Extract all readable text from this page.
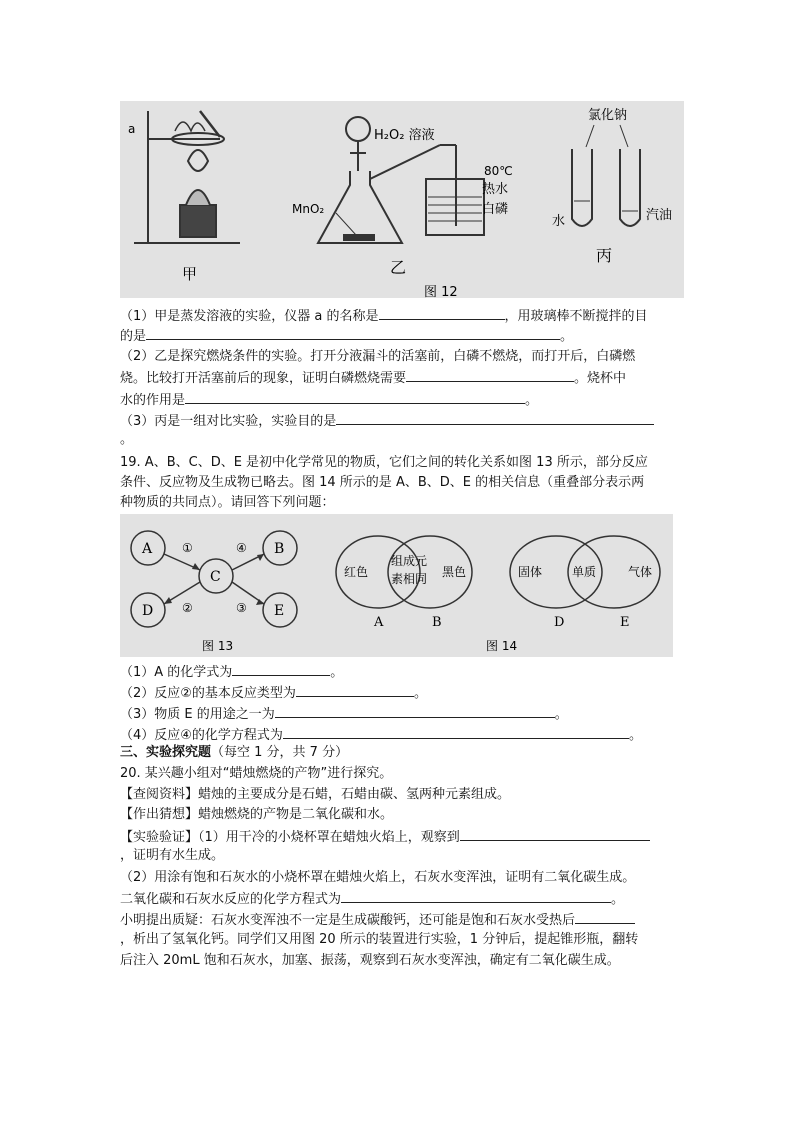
a
甲
H₂O₂ 溶液
MnO₂
80℃
热水
白磷
乙
图 12
氯化钠
水	汽油
丙
（1）甲是蒸发溶液的实验，仪器 a 的名称是	，用玻璃棒不断搅拌的目
的是	。
（2）乙是探究燃烧条件的实验。打开分液漏斗的活塞前，白磷不燃烧，而打开后，白磷燃
烧。比较打开活塞前后的现象，证明白磷燃烧需要	。烧杯中
水的作用是	。
（3）丙是一组对比实验，实验目的是
。
19. A、B、C、D、E 是初中化学常见的物质，它们之间的转化关系如图 13 所示，部分反应
条件、反应物及生成物已略去。图 14 所示的是 A、B、D、E 的相关信息（重叠部分表示两
种物质的共同点）。请回答下列问题：
A
C
B
D	E
①	④
②	③
图 13
红色
组成元
素相同 黑色
A	B
固体 单质	气体
D	E
图 14
（1）A 的化学式为	。
（2）反应②的基本反应类型为	。
（3）物质 E 的用途之一为	。
（4）反应④的化学方程式为	。
三、实验探究题（每空 1 分，共 7 分）
20. 某兴趣小组对“蜡烛燃烧的产物”进行探究。
【查阅资料】蜡烛的主要成分是石蜡，石蜡由碳、氢两种元素组成。
【作出猜想】蜡烛燃烧的产物是二氧化碳和水。
【实验验证】（1）用干冷的小烧杯罩在蜡烛火焰上，观察到
，证明有水生成。
（2）用涂有饱和石灰水的小烧杯罩在蜡烛火焰上，石灰水变浑浊，证明有二氧化碳生成。
二氧化碳和石灰水反应的化学方程式为	。
小明提出质疑：石灰水变浑浊不一定是生成碳酸钙，还可能是饱和石灰水受热后
，析出了氢氧化钙。同学们又用图 20 所示的装置进行实验，1 分钟后，提起锥形瓶，翻转
后注入 20mL 饱和石灰水，加塞、振荡，观察到石灰水变浑浊，确定有二氧化碳生成。
